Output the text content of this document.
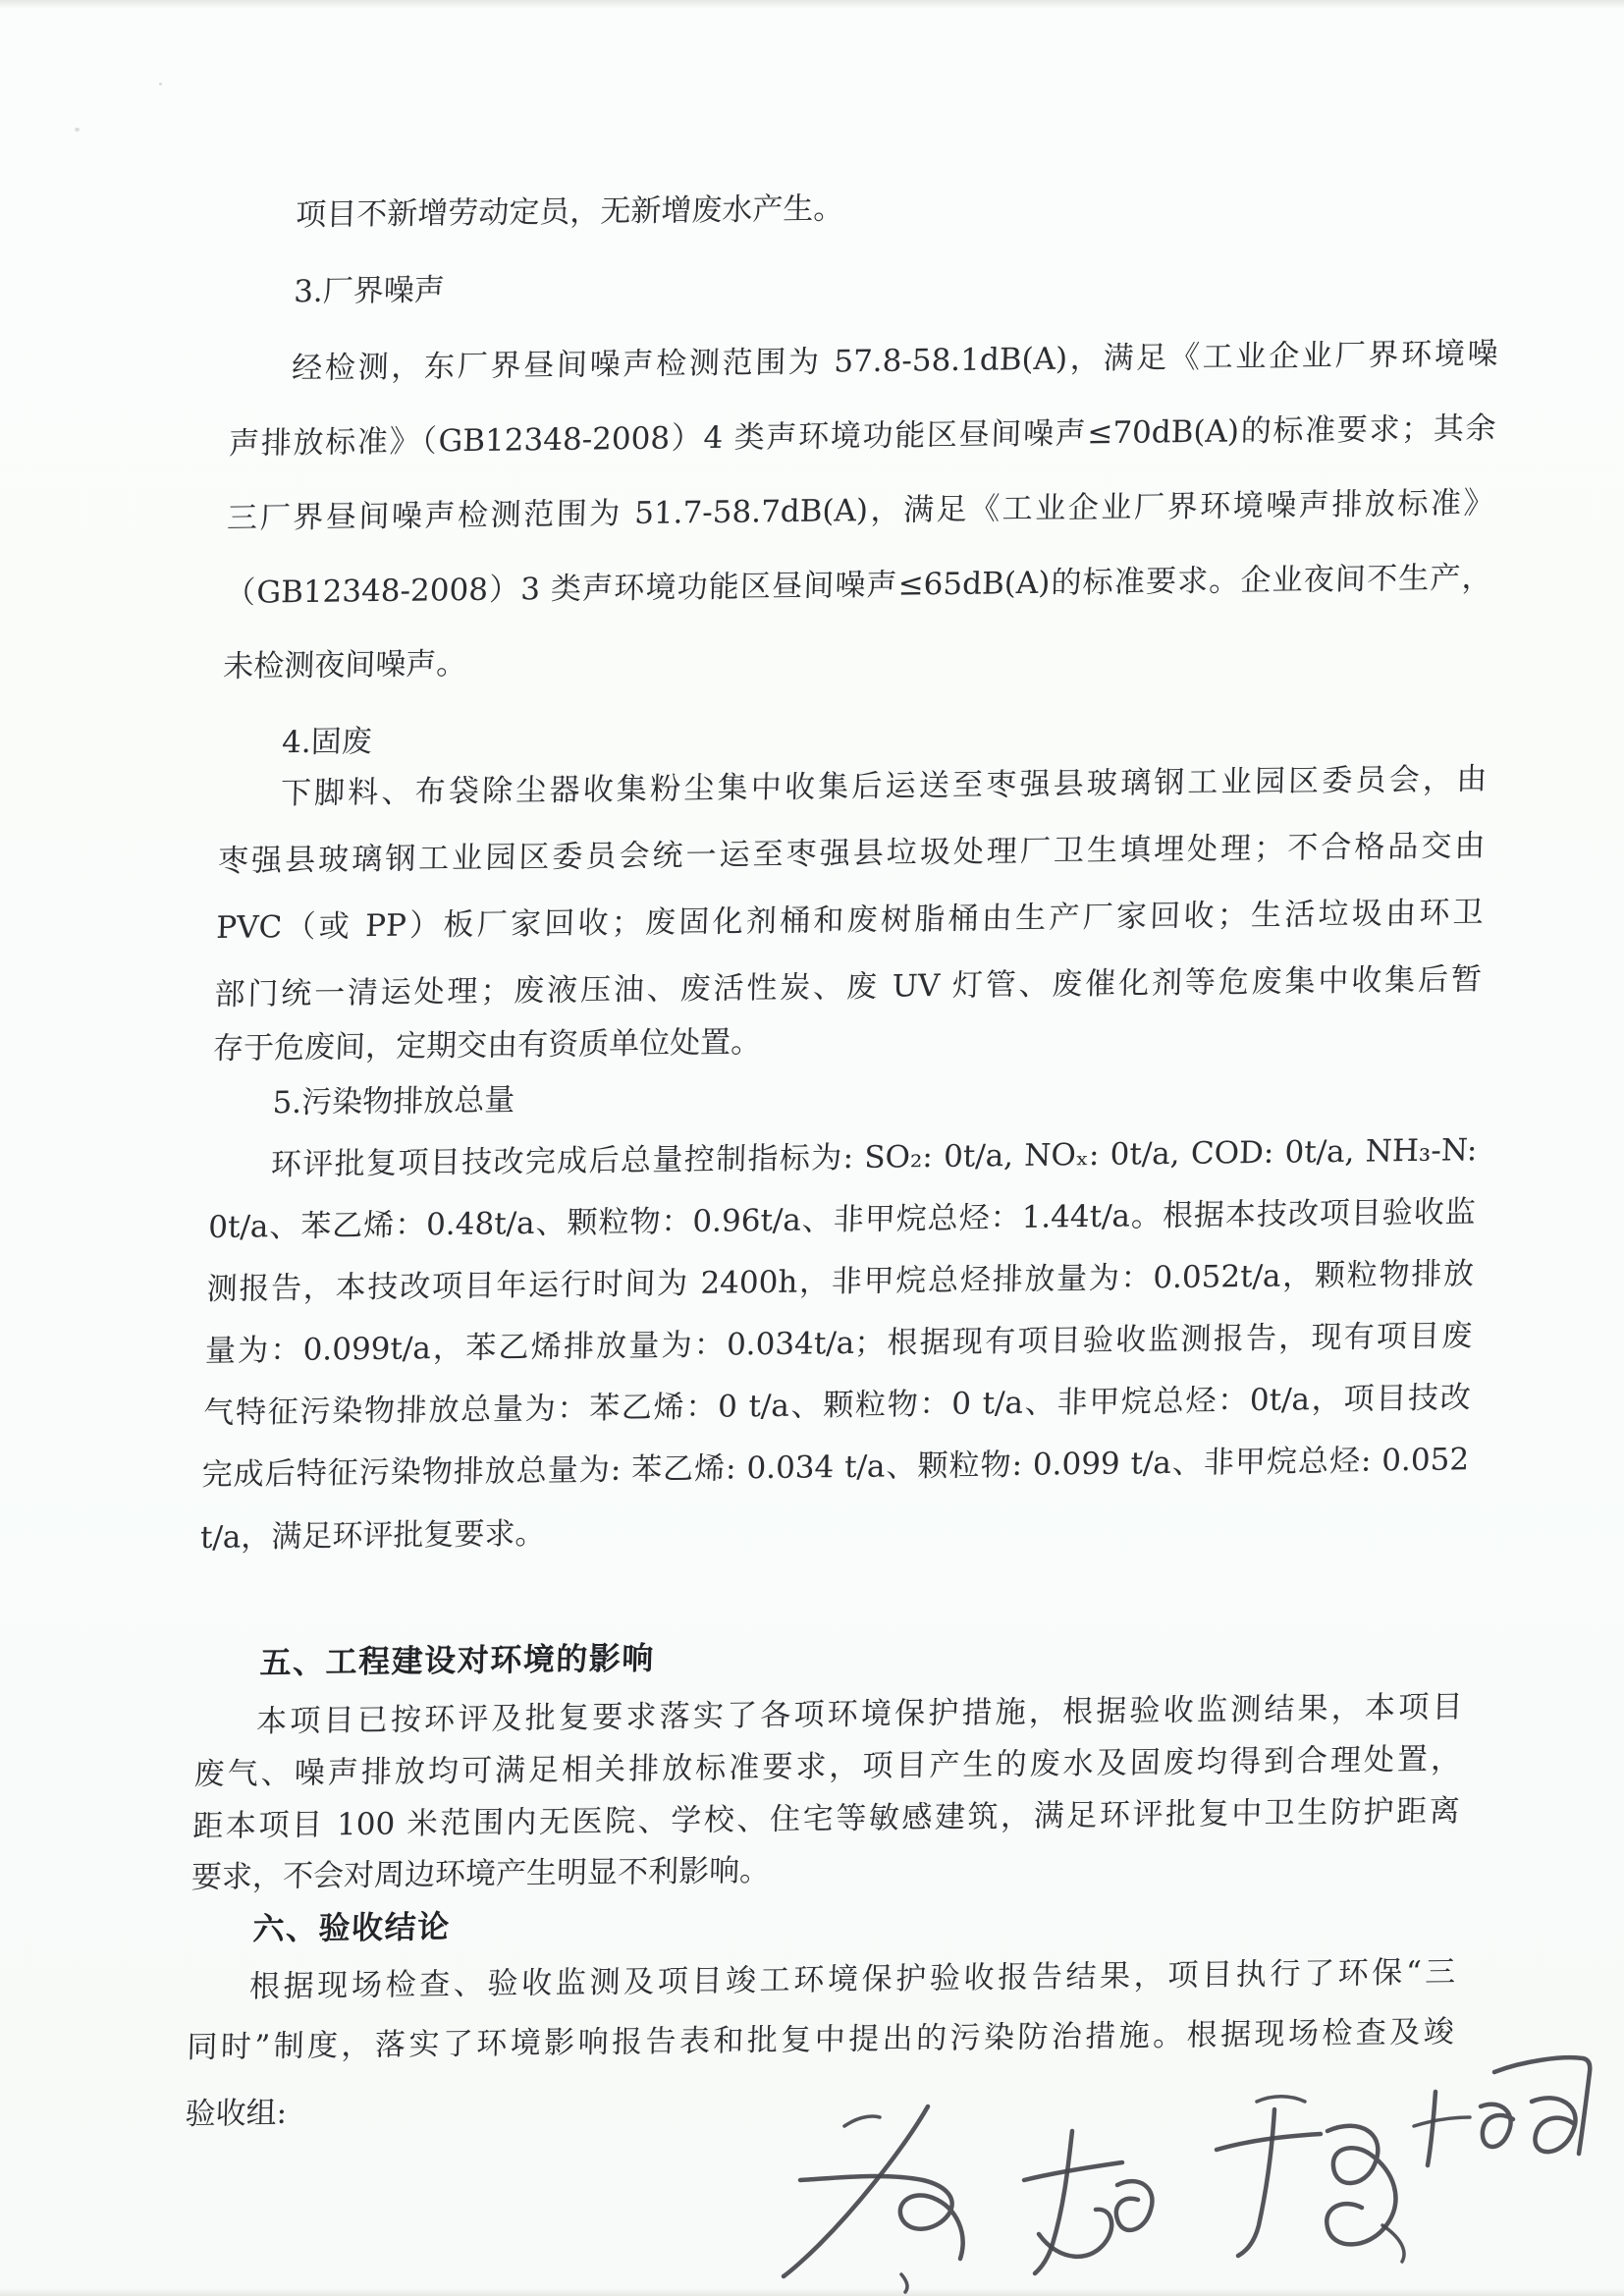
项目不新增劳动定员，无新增废水产生。
3.厂界噪声
经检测，东厂界昼间噪声检测范围为 57.8-58.1dB(A)，满足《工业企业厂界环境噪
声排放标准》（GB12348-2008）4 类声环境功能区昼间噪声≤70dB(A)的标准要求；其余
三厂界昼间噪声检测范围为 51.7-58.7dB(A)，满足《工业企业厂界环境噪声排放标准》
（GB12348-2008）3 类声环境功能区昼间噪声≤65dB(A)的标准要求。企业夜间不生产，
未检测夜间噪声。
4.固废
下脚料、布袋除尘器收集粉尘集中收集后运送至枣强县玻璃钢工业园区委员会，由
枣强县玻璃钢工业园区委员会统一运至枣强县垃圾处理厂卫生填埋处理；不合格品交由
PVC（或 PP）板厂家回收；废固化剂桶和废树脂桶由生产厂家回收；生活垃圾由环卫
部门统一清运处理；废液压油、废活性炭、废 UV 灯管、废催化剂等危废集中收集后暂
存于危废间，定期交由有资质单位处置。
5.污染物排放总量
环评批复项目技改完成后总量控制指标为: SO₂: 0t/a, NOₓ: 0t/a, COD: 0t/a, NH₃-N:
0t/a、苯乙烯：0.48t/a、颗粒物：0.96t/a、非甲烷总烃：1.44t/a。根据本技改项目验收监
测报告，本技改项目年运行时间为 2400h，非甲烷总烃排放量为：0.052t/a，颗粒物排放
量为：0.099t/a，苯乙烯排放量为：0.034t/a；根据现有项目验收监测报告，现有项目废
气特征污染物排放总量为：苯乙烯：0 t/a、颗粒物：0 t/a、非甲烷总烃：0t/a，项目技改
完成后特征污染物排放总量为: 苯乙烯: 0.034 t/a、颗粒物: 0.099 t/a、非甲烷总烃: 0.052
t/a，满足环评批复要求。
五、工程建设对环境的影响
本项目已按环评及批复要求落实了各项环境保护措施，根据验收监测结果，本项目
废气、噪声排放均可满足相关排放标准要求，项目产生的废水及固废均得到合理处置，
距本项目 100 米范围内无医院、学校、住宅等敏感建筑，满足环评批复中卫生防护距离
要求，不会对周边环境产生明显不利影响。
六、验收结论
根据现场检查、验收监测及项目竣工环境保护验收报告结果，项目执行了环保“三
同时”制度，落实了环境影响报告表和批复中提出的污染防治措施。根据现场检查及竣
验收组:
